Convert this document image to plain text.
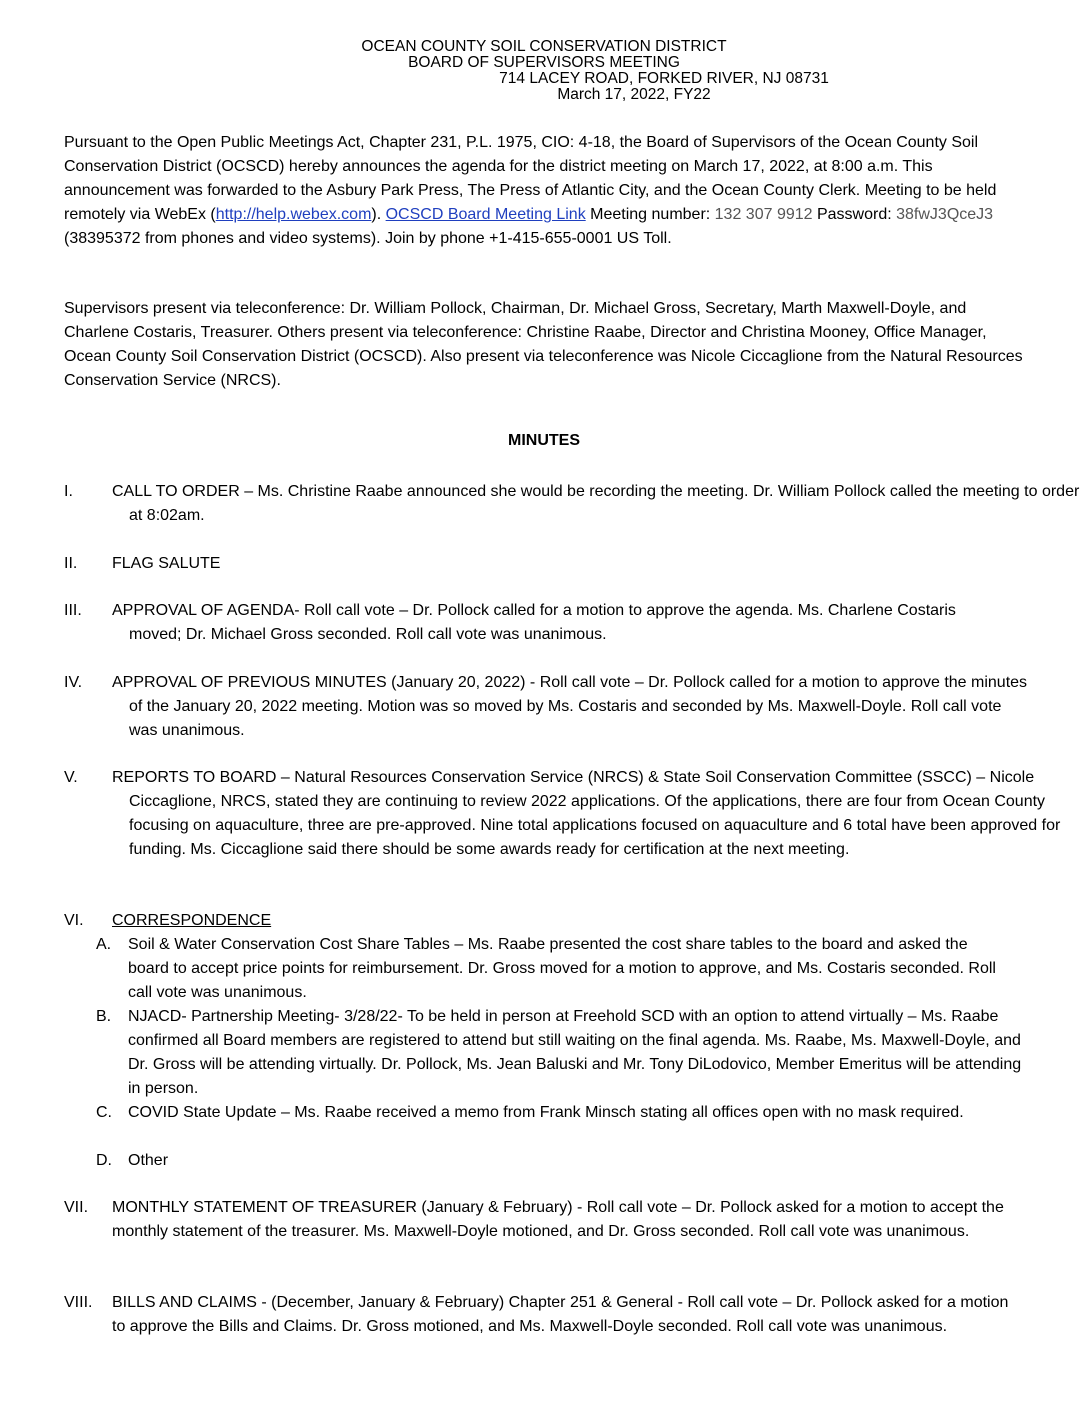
OCEAN COUNTY SOIL CONSERVATION DISTRICT
BOARD OF SUPERVISORS MEETING
714 LACEY ROAD, FORKED RIVER, NJ 08731
March 17, 2022, FY22
Pursuant to the Open Public Meetings Act, Chapter 231, P.L. 1975, CIO: 4-18, the Board of Supervisors of the Ocean County Soil Conservation District (OCSCD) hereby announces the agenda for the district meeting on March 17, 2022, at 8:00 a.m. This announcement was forwarded to the Asbury Park Press, The Press of Atlantic City, and the Ocean County Clerk. Meeting to be held remotely via WebEx (http://help.webex.com). OCSCD Board Meeting Link Meeting number: 132 307 9912 Password: 38fwJ3QceJ3 (38395372 from phones and video systems). Join by phone +1-415-655-0001 US Toll.
Supervisors present via teleconference: Dr. William Pollock, Chairman, Dr. Michael Gross, Secretary, Marth Maxwell-Doyle, and Charlene Costaris, Treasurer. Others present via teleconference: Christine Raabe, Director and Christina Mooney, Office Manager, Ocean County Soil Conservation District (OCSCD). Also present via teleconference was Nicole Ciccaglione from the Natural Resources Conservation Service (NRCS).
MINUTES
I. CALL TO ORDER – Ms. Christine Raabe announced she would be recording the meeting. Dr. William Pollock called the meeting to order at 8:02am.
II. FLAG SALUTE
III. APPROVAL OF AGENDA- Roll call vote – Dr. Pollock called for a motion to approve the agenda. Ms. Charlene Costaris moved; Dr. Michael Gross seconded. Roll call vote was unanimous.
IV. APPROVAL OF PREVIOUS MINUTES (January 20, 2022) - Roll call vote – Dr. Pollock called for a motion to approve the minutes of the January 20, 2022 meeting. Motion was so moved by Ms. Costaris and seconded by Ms. Maxwell-Doyle. Roll call vote was unanimous.
V. REPORTS TO BOARD – Natural Resources Conservation Service (NRCS) & State Soil Conservation Committee (SSCC) – Nicole Ciccaglione, NRCS, stated they are continuing to review 2022 applications. Of the applications, there are four from Ocean County focusing on aquaculture, three are pre-approved. Nine total applications focused on aquaculture and 6 total have been approved for funding. Ms. Ciccaglione said there should be some awards ready for certification at the next meeting.
VI. CORRESPONDENCE
A. Soil & Water Conservation Cost Share Tables – Ms. Raabe presented the cost share tables to the board and asked the board to accept price points for reimbursement. Dr. Gross moved for a motion to approve, and Ms. Costaris seconded. Roll call vote was unanimous.
B. NJACD- Partnership Meeting- 3/28/22- To be held in person at Freehold SCD with an option to attend virtually – Ms. Raabe confirmed all Board members are registered to attend but still waiting on the final agenda. Ms. Raabe, Ms. Maxwell-Doyle, and Dr. Gross will be attending virtually. Dr. Pollock, Ms. Jean Baluski and Mr. Tony DiLodovico, Member Emeritus will be attending in person.
C. COVID State Update – Ms. Raabe received a memo from Frank Minsch stating all offices open with no mask required.
D. Other
VII. MONTHLY STATEMENT OF TREASURER (January & February) - Roll call vote – Dr. Pollock asked for a motion to accept the monthly statement of the treasurer. Ms. Maxwell-Doyle motioned, and Dr. Gross seconded. Roll call vote was unanimous.
VIII. BILLS AND CLAIMS - (December, January & February) Chapter 251 & General - Roll call vote – Dr. Pollock asked for a motion to approve the Bills and Claims. Dr. Gross motioned, and Ms. Maxwell-Doyle seconded. Roll call vote was unanimous.
